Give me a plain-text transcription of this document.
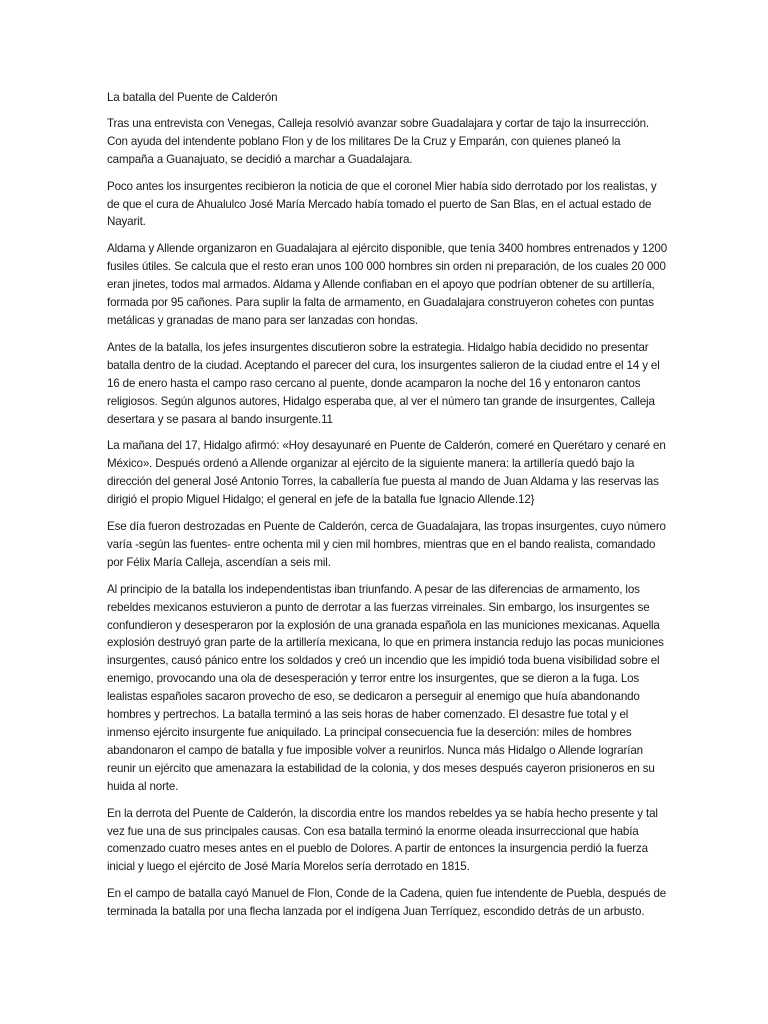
La batalla del Puente de Calderón

Tras una entrevista con Venegas, Calleja resolvió avanzar sobre Guadalajara y cortar de tajo la insurrección. Con ayuda del intendente poblano Flon y de los militares De la Cruz y Emparán, con quienes planeó la campaña a Guanajuato, se decidió a marchar a Guadalajara.

Poco antes los insurgentes recibieron la noticia de que el coronel Mier había sido derrotado por los realistas, y de que el cura de Ahualulco José María Mercado había tomado el puerto de San Blas, en el actual estado de Nayarit.

Aldama y Allende organizaron en Guadalajara al ejército disponible, que tenía 3400 hombres entrenados y 1200 fusiles útiles. Se calcula que el resto eran unos 100 000 hombres sin orden ni preparación, de los cuales 20 000 eran jinetes, todos mal armados. Aldama y Allende confiaban en el apoyo que podrían obtener de su artillería, formada por 95 cañones. Para suplir la falta de armamento, en Guadalajara construyeron cohetes con puntas metálicas y granadas de mano para ser lanzadas con hondas.

Antes de la batalla, los jefes insurgentes discutieron sobre la estrategia. Hidalgo había decidido no presentar batalla dentro de la ciudad. Aceptando el parecer del cura, los insurgentes salieron de la ciudad entre el 14 y el 16 de enero hasta el campo raso cercano al puente, donde acamparon la noche del 16 y entonaron cantos religiosos. Según algunos autores, Hidalgo esperaba que, al ver el número tan grande de insurgentes, Calleja desertara y se pasara al bando insurgente.11

La mañana del 17, Hidalgo afirmó: «Hoy desayunaré en Puente de Calderón, comeré en Querétaro y cenaré en México». Después ordenó a Allende organizar al ejército de la siguiente manera: la artillería quedó bajo la dirección del general José Antonio Torres, la caballería fue puesta al mando de Juan Aldama y las reservas las dirigió el propio Miguel Hidalgo; el general en jefe de la batalla fue Ignacio Allende.12}

Ese día fueron destrozadas en Puente de Calderón, cerca de Guadalajara, las tropas insurgentes, cuyo número varía -según las fuentes- entre ochenta mil y cien mil hombres, mientras que en el bando realista, comandado por Félix María Calleja, ascendían a seis mil.

Al principio de la batalla los independentistas iban triunfando. A pesar de las diferencias de armamento, los rebeldes mexicanos estuvieron a punto de derrotar a las fuerzas virreinales. Sin embargo, los insurgentes se confundieron y desesperaron por la explosión de una granada española en las municiones mexicanas. Aquella explosión destruyó gran parte de la artillería mexicana, lo que en primera instancia redujo las pocas municiones insurgentes, causó pánico entre los soldados y creó un incendio que les impidió toda buena visibilidad sobre el enemigo, provocando una ola de desesperación y terror entre los insurgentes, que se dieron a la fuga. Los lealistas españoles sacaron provecho de eso, se dedicaron a perseguir al enemigo que huía abandonando hombres y pertrechos. La batalla terminó a las seis horas de haber comenzado. El desastre fue total y el inmenso ejército insurgente fue aniquilado. La principal consecuencia fue la deserción: miles de hombres abandonaron el campo de batalla y fue imposible volver a reunirlos. Nunca más Hidalgo o Allende lograrían reunir un ejército que amenazara la estabilidad de la colonia, y dos meses después cayeron prisioneros en su huida al norte.

En la derrota del Puente de Calderón, la discordia entre los mandos rebeldes ya se había hecho presente y tal vez fue una de sus principales causas. Con esa batalla terminó la enorme oleada insurreccional que había comenzado cuatro meses antes en el pueblo de Dolores. A partir de entonces la insurgencia perdió la fuerza inicial y luego el ejército de José María Morelos sería derrotado en 1815.

En el campo de batalla cayó Manuel de Flon, Conde de la Cadena, quien fue intendente de Puebla, después de terminada la batalla por una flecha lanzada por el indígena Juan Terríquez, escondido detrás de un arbusto.
